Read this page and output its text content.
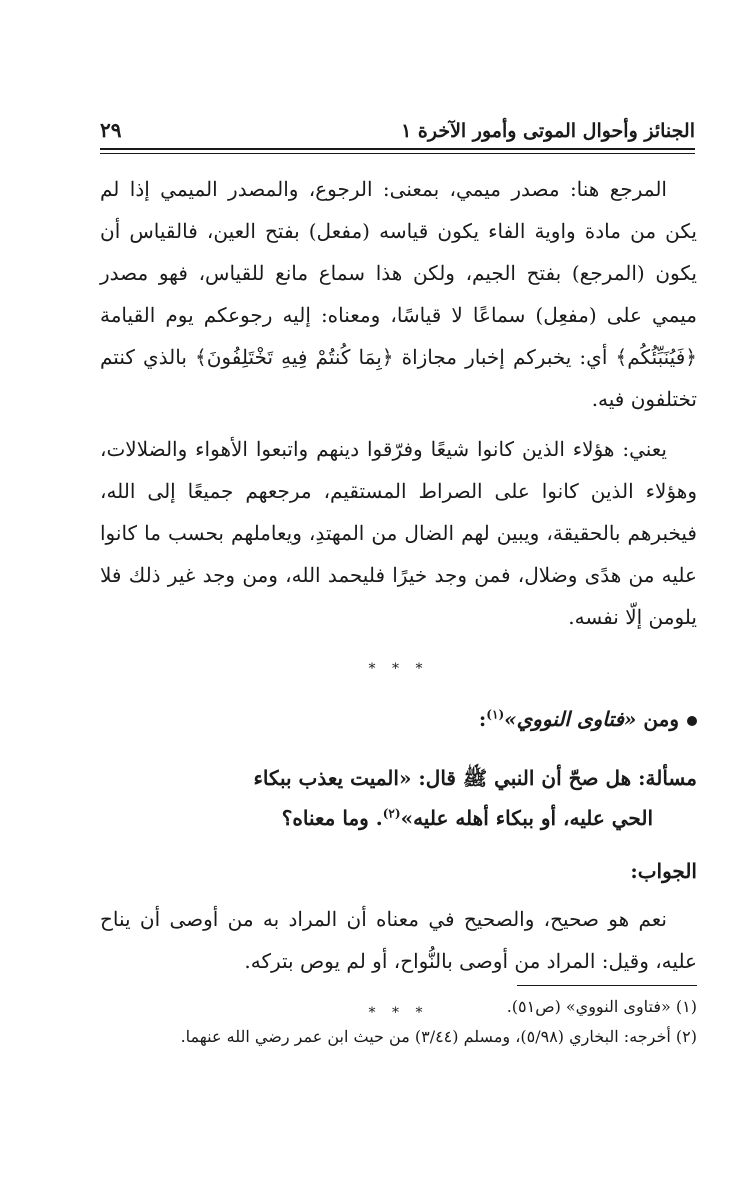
الجنائز وأحوال الموتى وأمور الآخرة ١
٢٩

المرجع هنا: مصدر ميمي، بمعنى: الرجوع، والمصدر الميمي إذا لم يكن من مادة واوية الفاء يكون قياسه (مفعل) بفتح العين، فالقياس أن يكون (المرجع) بفتح الجيم، ولكن هذا سماع مانع للقياس، فهو مصدر ميمي على (مفعِل) سماعًا لا قياسًا، ومعناه: إليه رجوعكم يوم القيامة ﴿فَيُنَبِّئُكُم﴾ أي: يخبركم إخبار مجازاة ﴿بِمَا كُنتُمْ فِيهِ تَخْتَلِفُونَ﴾ بالذي كنتم تختلفون فيه.

يعني: هؤلاء الذين كانوا شيعًا وفرّقوا دينهم واتبعوا الأهواء والضلالات، وهؤلاء الذين كانوا على الصراط المستقيم، مرجعهم جميعًا إلى الله، فيخبرهم بالحقيقة، ويبين لهم الضال من المهتدِ، ويعاملهم بحسب ما كانوا عليه من هدًى وضلال، فمن وجد خيرًا فليحمد الله، ومن وجد غير ذلك فلا يلومن إلّا نفسه.

* * *

ومن «فتاوى النووي»$^{(١)}$:

مسألة: هل صحّ أن النبي ﷺ قال: «الميت يعذب ببكاء
الحي عليه، أو ببكاء أهله عليه»$^{(٢)}$. وما معناه؟

الجواب:

نعم هو صحيح، والصحيح في معناه أن المراد به من أوصى أن يناح عليه، وقيل: المراد من أوصى بالنُّواح، أو لم يوص بتركه.

* * *	(١) «فتاوى النووي» (ص٥١).

(٢) أخرجه: البخاري (٥/٩٨)، ومسلم (٣/٤٤) من حيث ابن عمر رضي الله عنهما.
